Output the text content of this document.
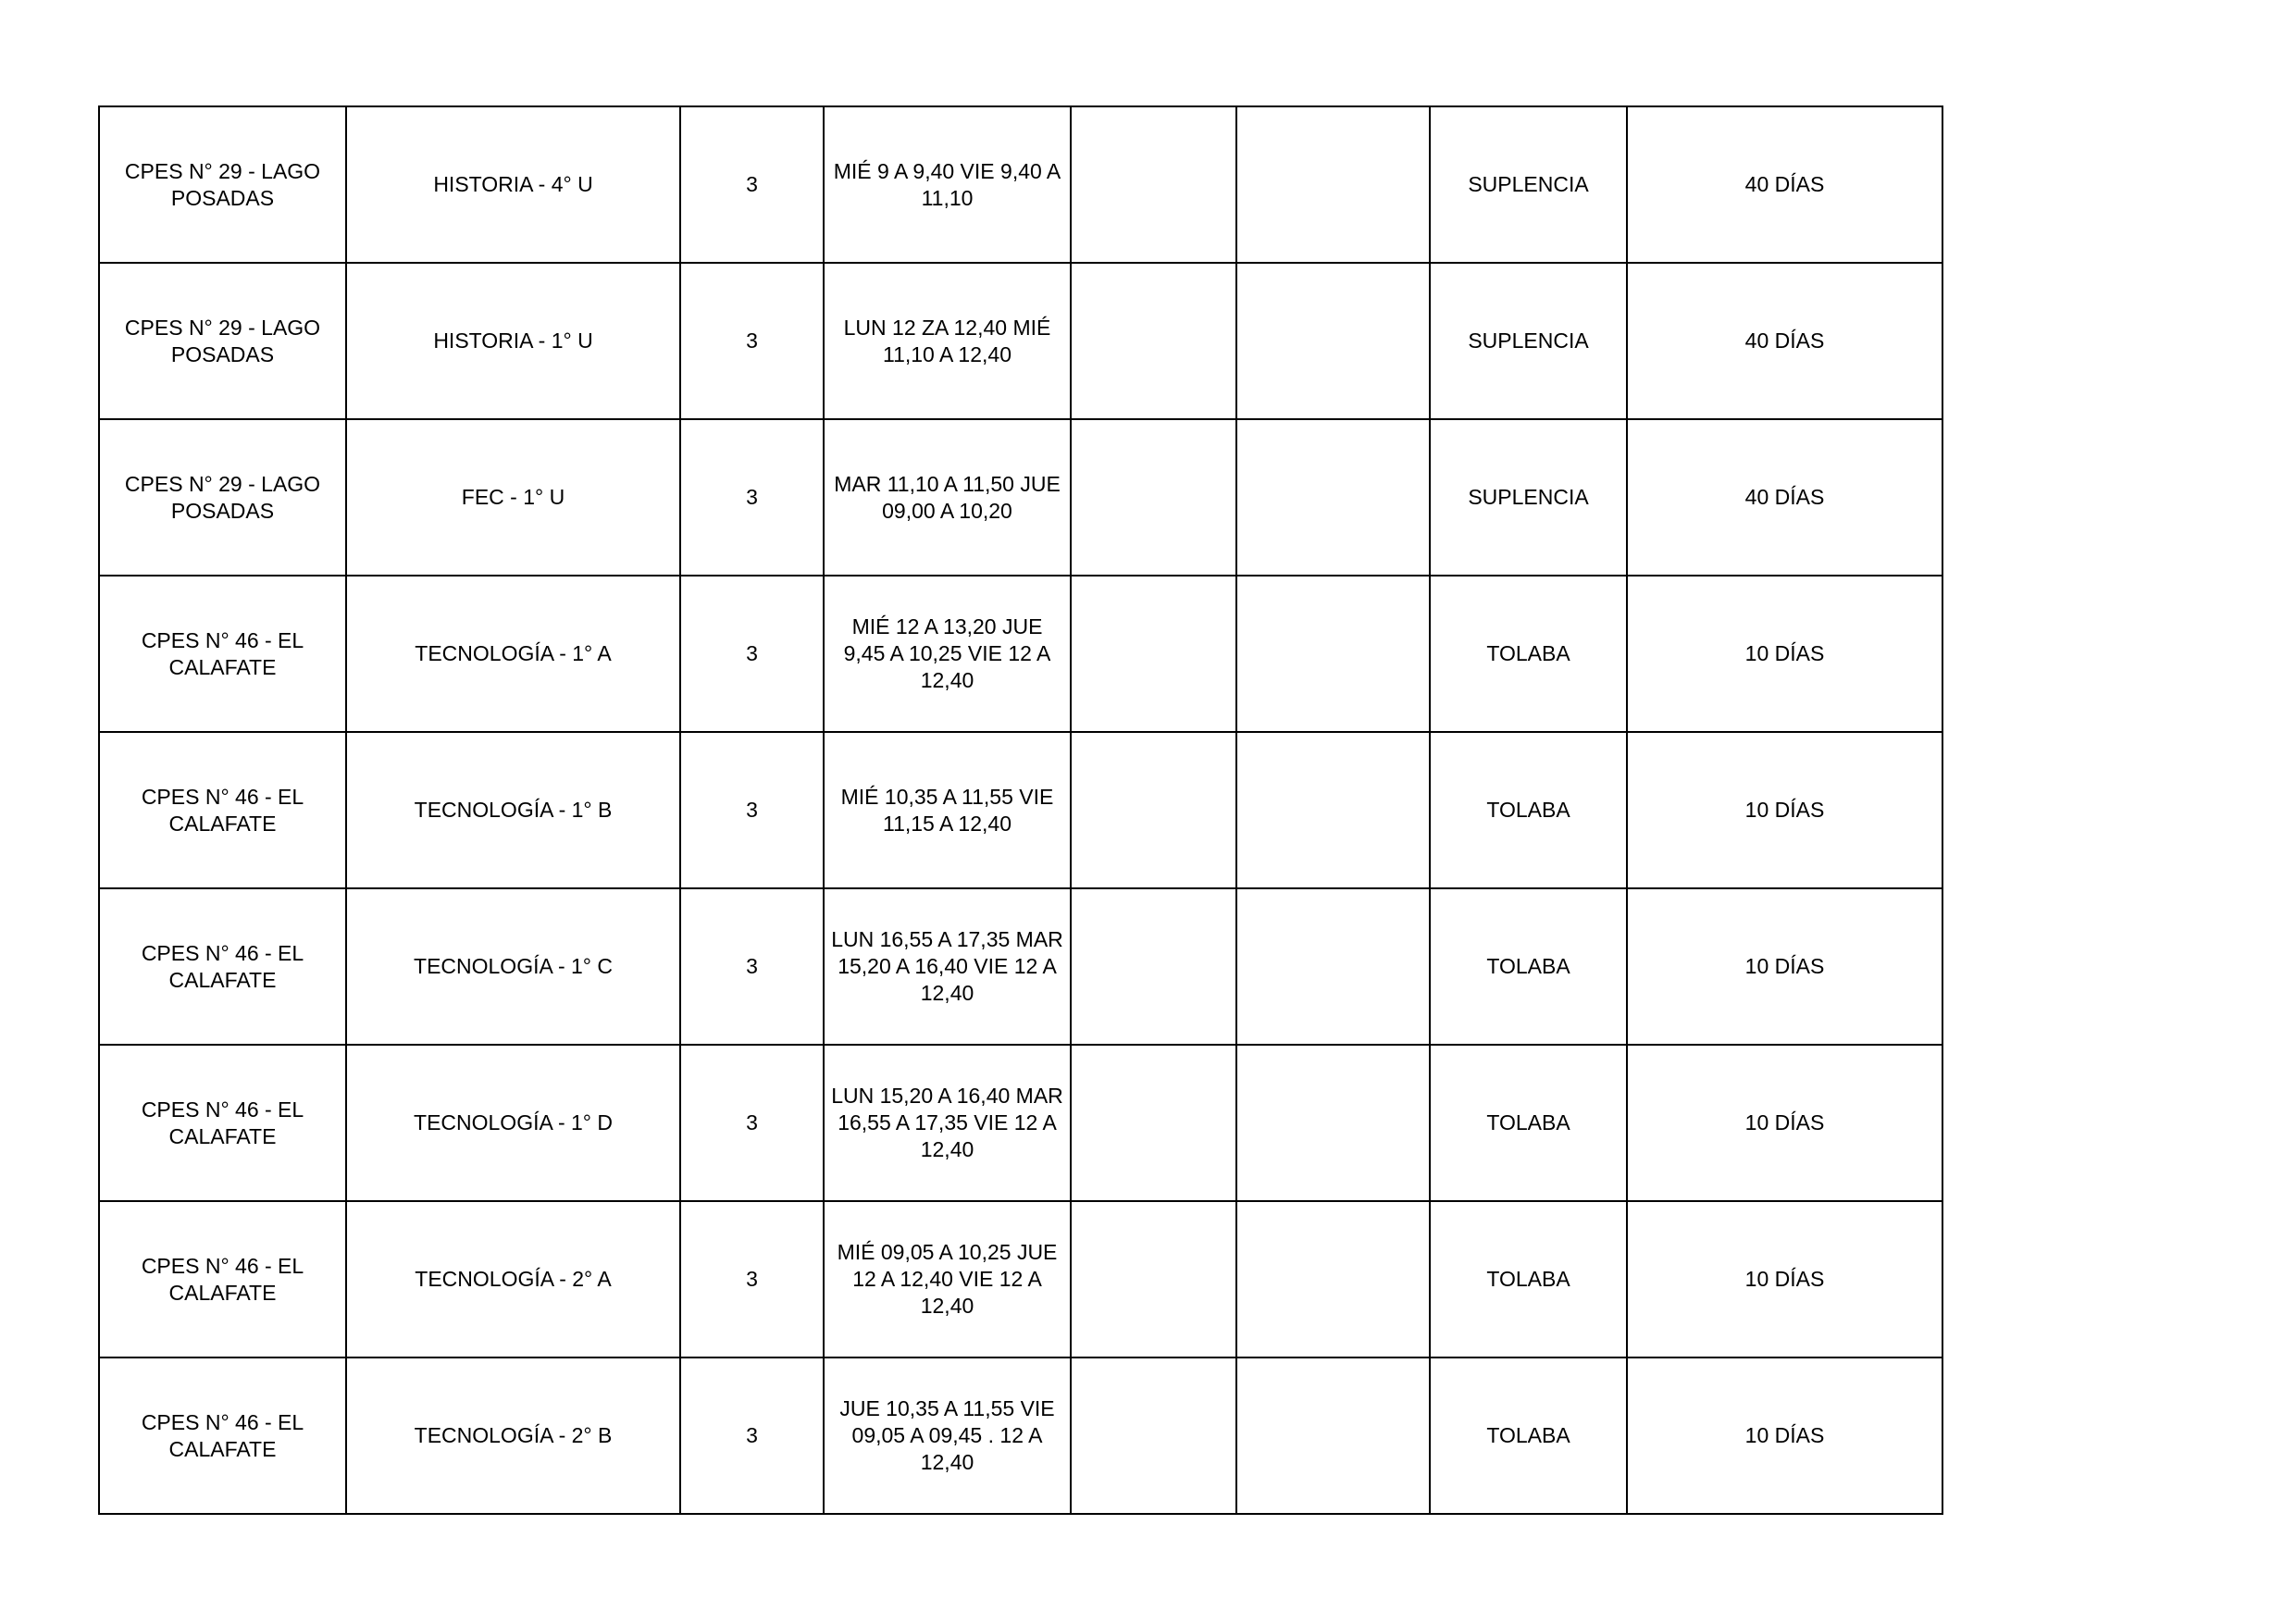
CPES N° 29 - LAGO POSADAS	HISTORIA - 4° U	3	MIÉ 9 A 9,40 VIE 9,40 A 11,10			SUPLENCIA	40 DÍAS
CPES N° 29 - LAGO POSADAS	HISTORIA - 1° U	3	LUN 12 ZA 12,40 MIÉ 11,10 A 12,40			SUPLENCIA	40 DÍAS
CPES N° 29 - LAGO POSADAS	FEC - 1° U	3	MAR 11,10 A 11,50 JUE 09,00 A 10,20			SUPLENCIA	40 DÍAS
CPES N° 46 - EL CALAFATE	TECNOLOGÍA - 1° A	3	MIÉ 12 A 13,20 JUE 9,45 A 10,25 VIE 12 A 12,40			TOLABA	10 DÍAS
CPES N° 46 - EL CALAFATE	TECNOLOGÍA - 1° B	3	MIÉ 10,35 A 11,55 VIE 11,15 A 12,40			TOLABA	10 DÍAS
CPES N° 46 - EL CALAFATE	TECNOLOGÍA - 1° C	3	LUN 16,55 A 17,35 MAR 15,20 A 16,40 VIE 12 A 12,40			TOLABA	10 DÍAS
CPES N° 46 - EL CALAFATE	TECNOLOGÍA - 1° D	3	LUN 15,20 A 16,40 MAR 16,55 A 17,35 VIE 12 A 12,40			TOLABA	10 DÍAS
CPES N° 46 - EL CALAFATE	TECNOLOGÍA - 2° A	3	MIÉ 09,05 A 10,25 JUE 12 A 12,40 VIE 12 A 12,40			TOLABA	10 DÍAS
CPES N° 46 - EL CALAFATE	TECNOLOGÍA - 2° B	3	JUE 10,35 A 11,55 VIE 09,05 A 09,45 . 12 A 12,40			TOLABA	10 DÍAS
